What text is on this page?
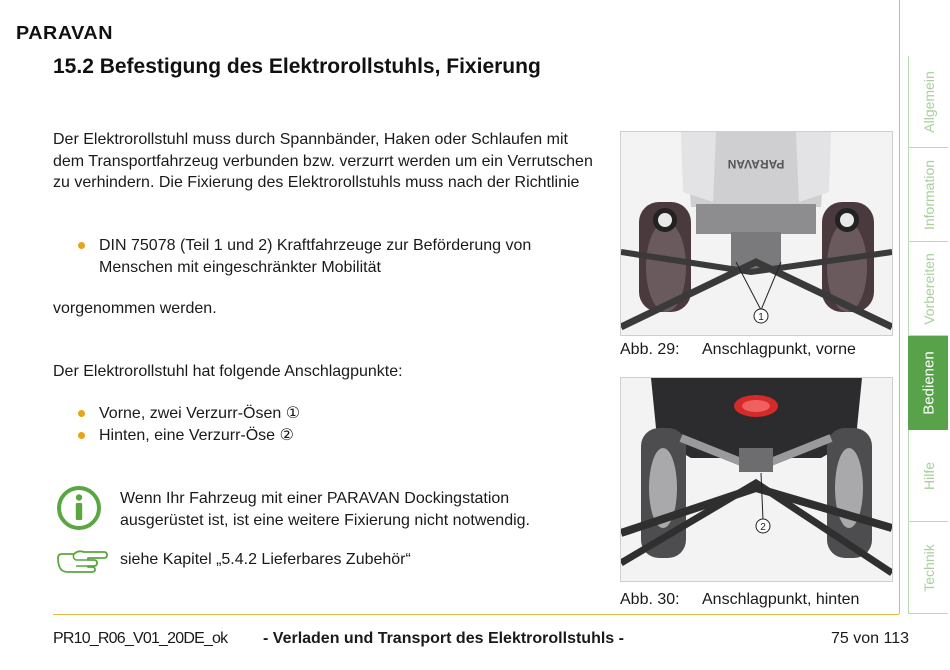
PARAVAN
15.2 Befestigung des Elektrorollstuhls, Fixierung
Der Elektrorollstuhl muss durch Spannbänder, Haken oder Schlaufen mit dem Transportfahrzeug verbunden bzw. verzurrt werden um ein Verrutschen zu verhindern. Die Fixierung des Elektrorollstuhls muss nach der Richtlinie
DIN 75078 (Teil 1 und 2) Kraftfahrzeuge zur Beförderung von Menschen mit eingeschränkter Mobilität
vorgenommen werden.
Der Elektrorollstuhl hat folgende Anschlagpunkte:
Vorne, zwei Verzurr-Ösen ①
Hinten, eine Verzurr-Öse ②
Wenn Ihr Fahrzeug mit einer PARAVAN Dockingstation ausgerüstet ist, ist eine weitere Fixierung nicht notwendig.
siehe Kapitel „5.4.2 Lieferbares Zubehör“
PARAVAN
1
Abb. 29: Anschlagpunkt, vorne
2
Abb. 30: Anschlagpunkt, hinten
PR10_R06_V01_20DE_ok - Verladen und Transport des Elektrorollstuhls -	75 von 113
Allgemein
Information
Vorbereiten
Bedienen
Hilfe
Technik
